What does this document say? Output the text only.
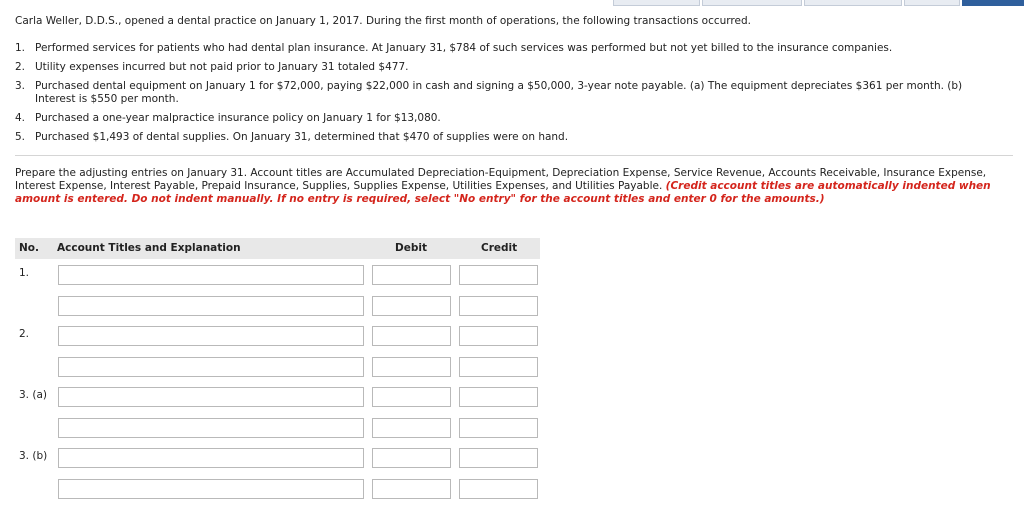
Carla Weller, D.D.S., opened a dental practice on January 1, 2017. During the first month of operations, the following transactions occurred.
1. Performed services for patients who had dental plan insurance. At January 31, $784 of such services was performed but not yet billed to the insurance companies.
2. Utility expenses incurred but not paid prior to January 31 totaled $477.
3. Purchased dental equipment on January 1 for $72,000, paying $22,000 in cash and signing a $50,000, 3-year note payable. (a) The equipment depreciates $361 per month. (b) Interest is $550 per month.
4. Purchased a one-year malpractice insurance policy on January 1 for $13,080.
5. Purchased $1,493 of dental supplies. On January 31, determined that $470 of supplies were on hand.
Prepare the adjusting entries on January 31. Account titles are Accumulated Depreciation-Equipment, Depreciation Expense, Service Revenue, Accounts Receivable, Insurance Expense, Interest Expense, Interest Payable, Prepaid Insurance, Supplies, Supplies Expense, Utilities Expenses, and Utilities Payable. (Credit account titles are automatically indented when amount is entered. Do not indent manually. If no entry is required, select "No entry" for the account titles and enter 0 for the amounts.)
No. Account Titles and Explanation	Debit	Credit
1.
2.
3. (a)
3. (b)
